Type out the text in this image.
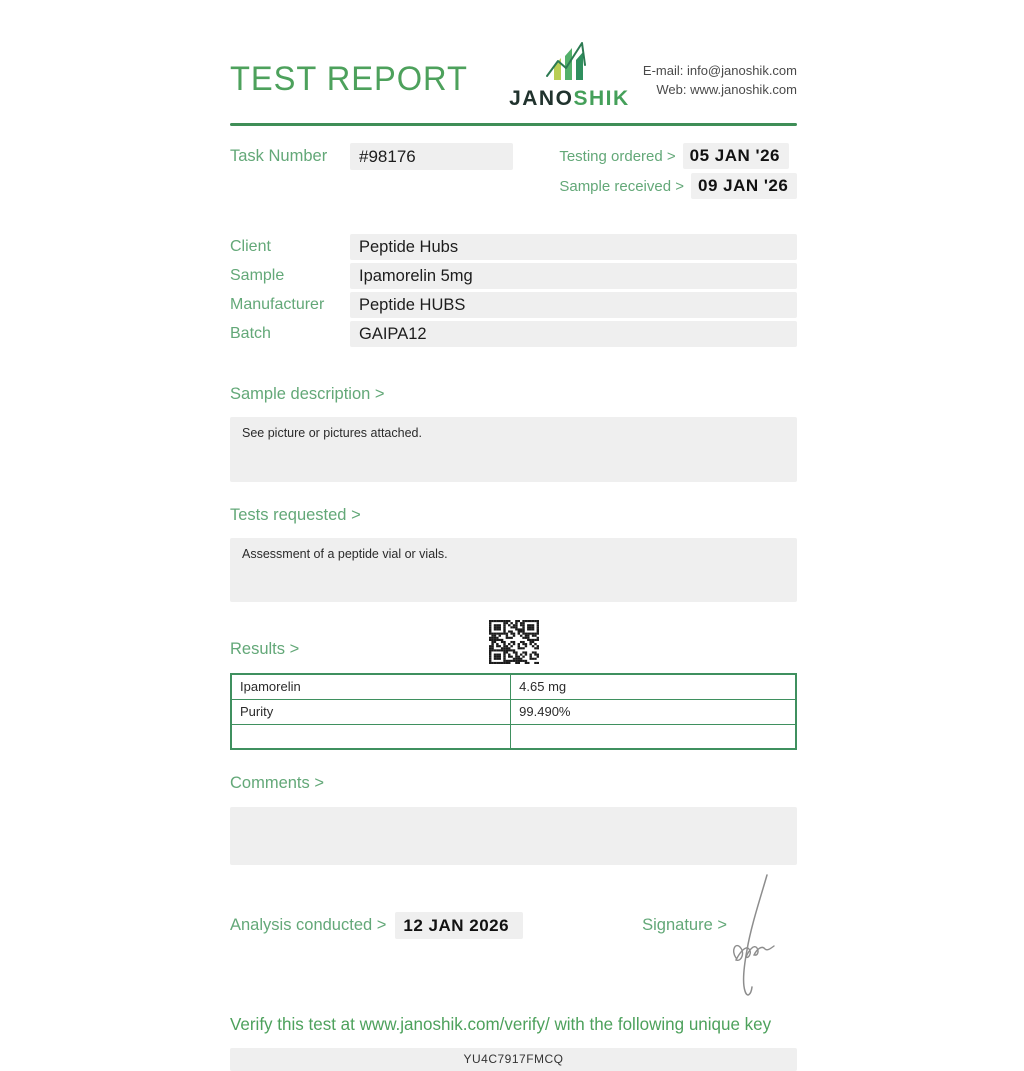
TEST REPORT
JANOSHIK
E-mail: info@janoshik.com
Web: www.janoshik.com
Task Number	#98176	Testing ordered > 05 JAN '26
Sample received > 09 JAN '26
Client	Peptide Hubs
Sample	Ipamorelin 5mg
Manufacturer	Peptide HUBS
Batch	GAIPA12
Sample description >
See picture or pictures attached.
Tests requested >
Assessment of a peptide vial or vials.
Results >
Ipamorelin	4.65 mg
Purity	99.490%

Comments >
Analysis conducted >	12 JAN 2026	Signature >
Verify this test at www.janoshik.com/verify/ with the following unique key
YU4C7917FMCQ
